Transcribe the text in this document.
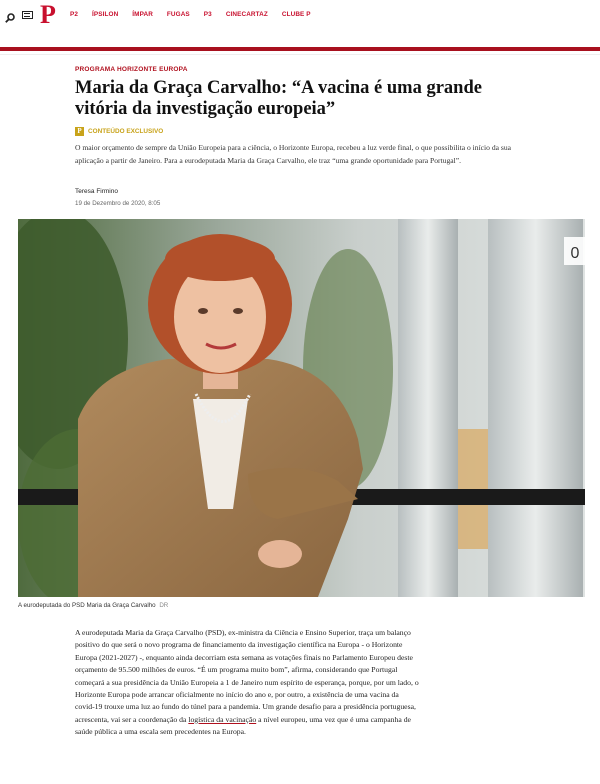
P P2 ÍPSILON ÍMPAR FUGAS P3 CINECARTAZ CLUBE P
PROGRAMA HORIZONTE EUROPA
Maria da Graça Carvalho: “A vacina é uma grande vitória da investigação europeia”
P CONTEÚDO EXCLUSIVO

O maior orçamento de sempre da União Europeia para a ciência, o Horizonte Europa, recebeu a luz verde final, o que possibilita o início da sua aplicação a partir de Janeiro. Para a eurodeputada Maria da Graça Carvalho, ele traz “uma grande oportunidade para Portugal”.

Teresa Firmino
19 de Dezembro de 2020, 8:05
0
A eurodeputada do PSD Maria da Graça Carvalho DR

A eurodeputada Maria da Graça Carvalho (PSD), ex-ministra da Ciência e Ensino Superior, traça um balanço positivo do que será o novo programa de financiamento da investigação científica na Europa - o Horizonte Europa (2021-2027) -, enquanto ainda decorriam esta semana as votações finais no Parlamento Europeu deste orçamento de 95.500 milhões de euros. “É um programa muito bom”, afirma, considerando que Portugal começará a sua presidência da União Europeia a 1 de Janeiro num espírito de esperança, porque, por um lado, o Horizonte Europa pode arrancar oficialmente no início do ano e, por outro, a existência de uma vacina da covid-19 trouxe uma luz ao fundo do túnel para a pandemia. Um grande desafio para a presidência portuguesa, acrescenta, vai ser a coordenação da logística da vacinação a nível europeu, uma vez que é uma campanha de saúde pública a uma escala sem precedentes na Europa.
